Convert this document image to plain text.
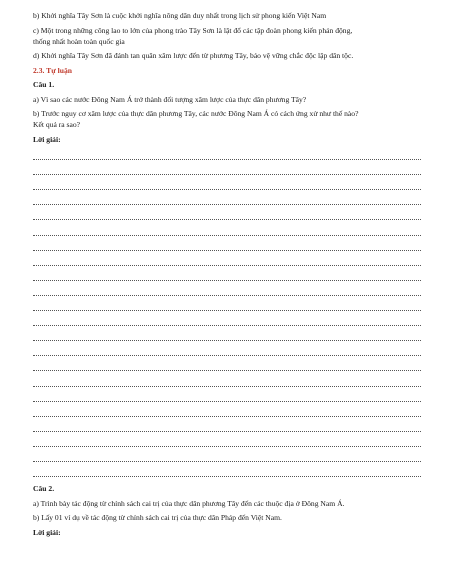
b) Khởi nghĩa Tây Sơn là cuộc khởi nghĩa nông dân duy nhất trong lịch sử phong kiến Việt Nam

c) Một trong những công lao to lớn của phong trào Tây Sơn là lật đổ các tập đoàn phong kiến phản động,

thống nhất hoàn toàn quốc gia

d) Khởi nghĩa Tây Sơn đã đánh tan quân xâm lược đến từ phương Tây, bảo vệ vững chắc độc lập dân tộc.

2.3. Tự luận

Câu 1.

a) Vì sao các nước Đông Nam Á trở thành đối tượng xâm lược của thực dân phương Tây?

b) Trước nguy cơ xâm lược của thực dân phương Tây, các nước Đông Nam Á có cách ứng xử như thế nào?

Kết quả ra sao?

Lời giải:

Câu 2.

a) Trình bày tác động từ chính sách cai trị của thực dân phương Tây đến các thuộc địa ở Đông Nam Á.

b) Lấy 01 ví dụ về tác động từ chính sách cai trị của thực dân Pháp đến Việt Nam.

Lời giải:
